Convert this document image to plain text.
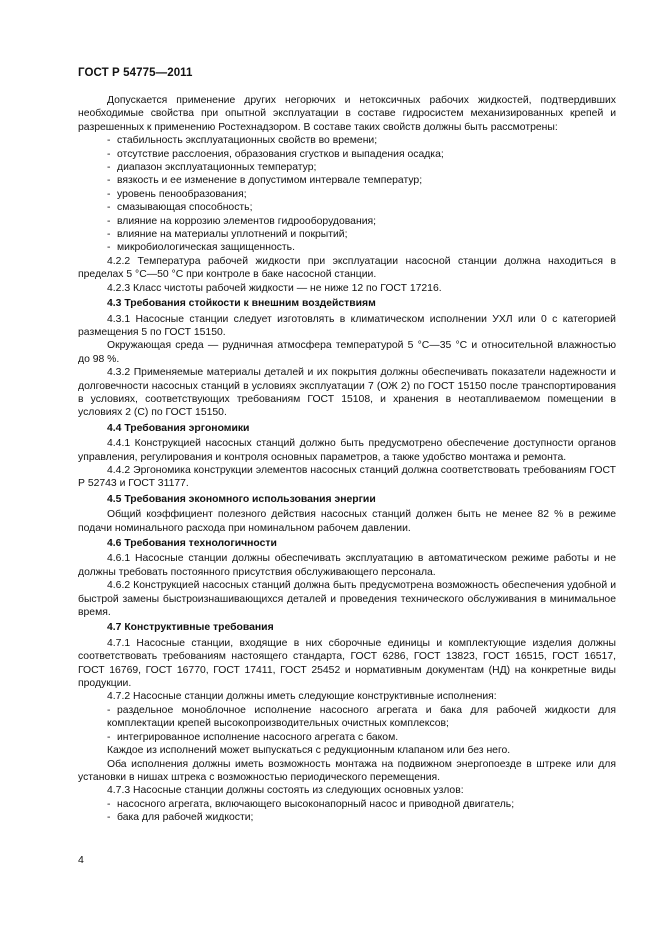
ГОСТ Р 54775—2011

Допускается применение других негорючих и нетоксичных рабочих жидкостей, подтвердивших необходимые свойства при опытной эксплуатации в составе гидросистем механизированных крепей и разрешенных к применению Ростехнадзором. В составе таких свойств должны быть рассмотрены:

- стабильность эксплуатационных свойств во времени;

- отсутствие расслоения, образования сгустков и выпадения осадка;

- диапазон эксплуатационных температур;

- вязкость и ее изменение в допустимом интервале температур;

- уровень пенообразования;

- смазывающая способность;

- влияние на коррозию элементов гидрооборудования;

- влияние на материалы уплотнений и покрытий;

- микробиологическая защищенность.

4.2.2 Температура рабочей жидкости при эксплуатации насосной станции должна находиться в пределах 5 °С—50 °С при контроле в баке насосной станции.

4.2.3 Класс чистоты рабочей жидкости — не ниже 12 по ГОСТ 17216.

4.3 Требования стойкости к внешним воздействиям

4.3.1 Насосные станции следует изготовлять в климатическом исполнении УХЛ или 0 с категорией размещения 5 по ГОСТ 15150.

Окружающая среда — рудничная атмосфера температурой 5 °С—35 °С и относительной влажностью до 98 %.

4.3.2 Применяемые материалы деталей и их покрытия должны обеспечивать показатели надежности и долговечности насосных станций в условиях эксплуатации 7 (ОЖ 2) по ГОСТ 15150 после транспортирования в условиях, соответствующих требованиям ГОСТ 15108, и хранения в неотапливаемом помещении в условиях 2 (С) по ГОСТ 15150.

4.4 Требования эргономики

4.4.1 Конструкцией насосных станций должно быть предусмотрено обеспечение доступности органов управления, регулирования и контроля основных параметров, а также удобство монтажа и ремонта.

4.4.2 Эргономика конструкции элементов насосных станций должна соответствовать требованиям ГОСТ Р 52743 и ГОСТ 31177.

4.5 Требования экономного использования энергии

Общий коэффициент полезного действия насосных станций должен быть не менее 82 % в режиме подачи номинального расхода при номинальном рабочем давлении.

4.6 Требования технологичности

4.6.1 Насосные станции должны обеспечивать эксплуатацию в автоматическом режиме работы и не должны требовать постоянного присутствия обслуживающего персонала.

4.6.2 Конструкцией насосных станций должна быть предусмотрена возможность обеспечения удобной и быстрой замены быстроизнашивающихся деталей и проведения технического обслуживания в минимальное время.

4.7 Конструктивные требования

4.7.1 Насосные станции, входящие в них сборочные единицы и комплектующие изделия должны соответствовать требованиям настоящего стандарта, ГОСТ 6286, ГОСТ 13823, ГОСТ 16515, ГОСТ 16517, ГОСТ 16769, ГОСТ 16770, ГОСТ 17411, ГОСТ 25452 и нормативным документам (НД) на конкретные виды продукции.

4.7.2 Насосные станции должны иметь следующие конструктивные исполнения:

- раздельное моноблочное исполнение насосного агрегата и бака для рабочей жидкости для комплектации крепей высокопроизводительных очистных комплексов;

- интегрированное исполнение насосного агрегата с баком.

Каждое из исполнений может выпускаться с редукционным клапаном или без него.

Оба исполнения должны иметь возможность монтажа на подвижном энергопоезде в штреке или для установки в нишах штрека с возможностью периодического перемещения.

4.7.3 Насосные станции должны состоять из следующих основных узлов:

- насосного агрегата, включающего высоконапорный насос и приводной двигатель;

- бака для рабочей жидкости;

4
